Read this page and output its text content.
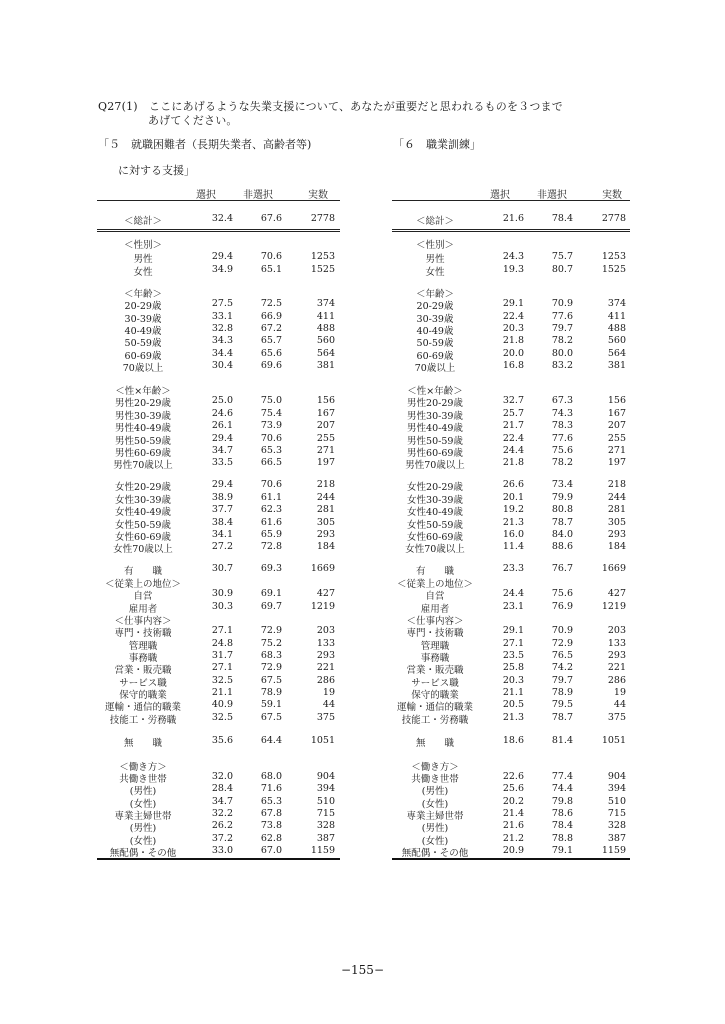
Q27(1)　ここにあげるような失業支援について、あなたが重要だと思われるものを３つまで
あげてください。
「５　就職困難者（長期失業者、高齢者等)
に対する支援」
「６　職業訓練」
選択	非選択	実数
＜総計＞	32.4	67.6	2778
＜性別＞
男性	29.4	70.6	1253
女性	34.9	65.1	1525
＜年齢＞
20-29歳	27.5	72.5	374
30-39歳	33.1	66.9	411
40-49歳	32.8	67.2	488
50-59歳	34.3	65.7	560
60-69歳	34.4	65.6	564
70歳以上	30.4	69.6	381
＜性×年齢＞
男性20-29歳	25.0	75.0	156
男性30-39歳	24.6	75.4	167
男性40-49歳	26.1	73.9	207
男性50-59歳	29.4	70.6	255
男性60-69歳	34.7	65.3	271
男性70歳以上	33.5	66.5	197
女性20-29歳	29.4	70.6	218
女性30-39歳	38.9	61.1	244
女性40-49歳	37.7	62.3	281
女性50-59歳	38.4	61.6	305
女性60-69歳	34.1	65.9	293
女性70歳以上	27.2	72.8	184
有　　職	30.7	69.3	1669
＜従業上の地位＞
自営	30.9	69.1	427
雇用者	30.3	69.7	1219
＜仕事内容＞
専門・技術職	27.1	72.9	203
管理職	24.8	75.2	133
事務職	31.7	68.3	293
営業・販売職	27.1	72.9	221
サービス職	32.5	67.5	286
保守的職業	21.1	78.9	19
運輸・通信的職業	40.9	59.1	44
技能工・労務職	32.5	67.5	375
無　　職	35.6	64.4	1051
＜働き方＞
共働き世帯	32.0	68.0	904
(男性)	28.4	71.6	394
(女性)	34.7	65.3	510
専業主婦世帯	32.2	67.8	715
(男性)	26.2	73.8	328
(女性)	37.2	62.8	387
無配偶・その他	33.0	67.0	1159
選択	非選択	実数
＜総計＞	21.6	78.4	2778
＜性別＞
男性	24.3	75.7	1253
女性	19.3	80.7	1525
＜年齢＞
20-29歳	29.1	70.9	374
30-39歳	22.4	77.6	411
40-49歳	20.3	79.7	488
50-59歳	21.8	78.2	560
60-69歳	20.0	80.0	564
70歳以上	16.8	83.2	381
＜性×年齢＞
男性20-29歳	32.7	67.3	156
男性30-39歳	25.7	74.3	167
男性40-49歳	21.7	78.3	207
男性50-59歳	22.4	77.6	255
男性60-69歳	24.4	75.6	271
男性70歳以上	21.8	78.2	197
女性20-29歳	26.6	73.4	218
女性30-39歳	20.1	79.9	244
女性40-49歳	19.2	80.8	281
女性50-59歳	21.3	78.7	305
女性60-69歳	16.0	84.0	293
女性70歳以上	11.4	88.6	184
有　　職	23.3	76.7	1669
＜従業上の地位＞
自営	24.4	75.6	427
雇用者	23.1	76.9	1219
＜仕事内容＞
専門・技術職	29.1	70.9	203
管理職	27.1	72.9	133
事務職	23.5	76.5	293
営業・販売職	25.8	74.2	221
サービス職	20.3	79.7	286
保守的職業	21.1	78.9	19
運輸・通信的職業	20.5	79.5	44
技能工・労務職	21.3	78.7	375
無　　職	18.6	81.4	1051
＜働き方＞
共働き世帯	22.6	77.4	904
(男性)	25.6	74.4	394
(女性)	20.2	79.8	510
専業主婦世帯	21.4	78.6	715
(男性)	21.6	78.4	328
(女性)	21.2	78.8	387
無配偶・その他	20.9	79.1	1159
−155−
